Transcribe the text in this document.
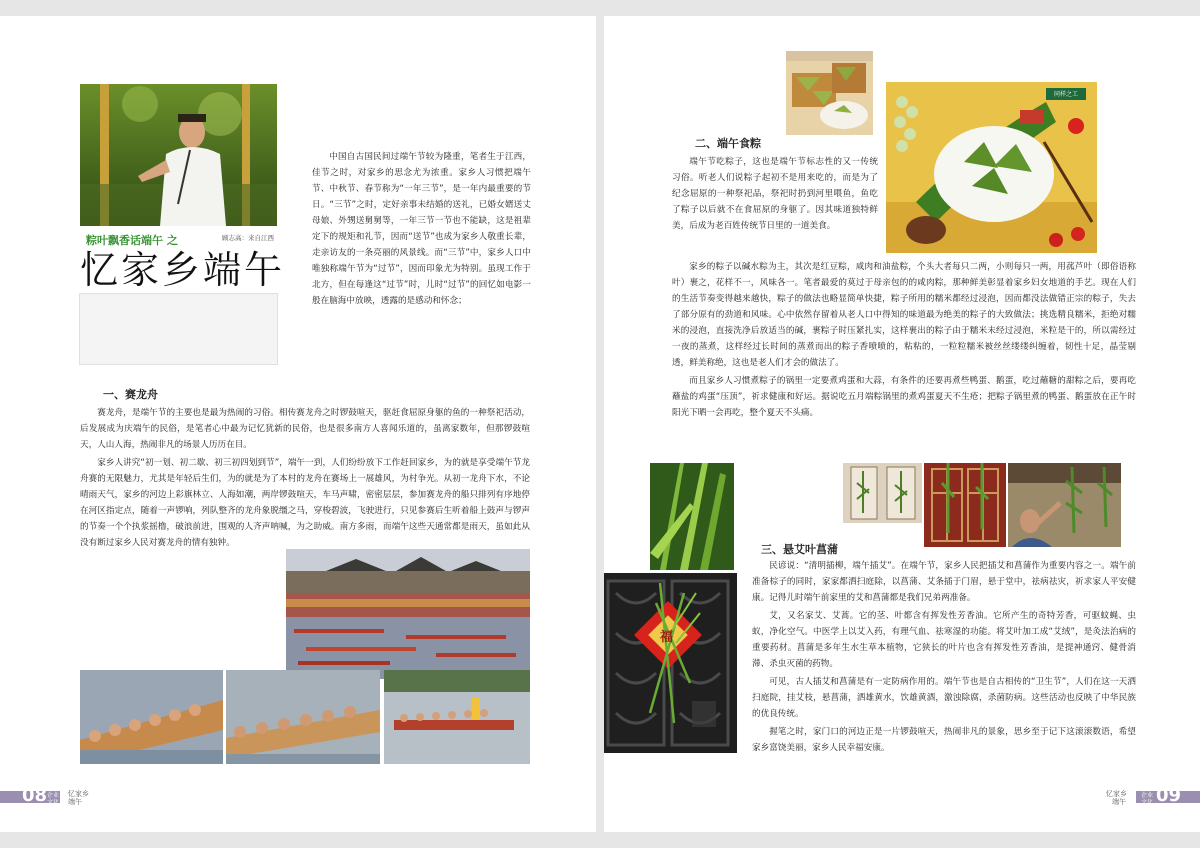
顾志高：来自江西
粽叶飘香话端午 之
忆家乡端午

中国自古国民间过端午节较为隆重，笔者生于江西，佳节之时，对家乡的思念尤为浓重。家乡人习惯把端午节、中秋节、春节称为“一年三节”，是一年内最重要的节日。“三节”之时，定好亲事未结婚的送礼，已婚女婿送丈母娘、外甥送舅舅等，一年三节一节也不能缺，这是祖辈定下的规矩和礼节，因而“送节”也成为家乡人敬重长辈，走亲访友的一条亮丽的风景线。而“三节”中，家乡人口中唯独称端午节为“过节”，因而印象尤为特别。虽现工作于北方，但在每逢这“过节”时，儿时“过节”的回忆如电影一般在脑海中放映，透露的是感动和怀念；

一、赛龙舟

赛龙舟，是端午节的主要也是最为热闹的习俗。相传赛龙舟之时锣鼓喧天，驱赶食屈原身躯的鱼的一种祭祀活动，后发展成为庆端午的民俗，是笔者心中最为记忆犹新的民俗，也是很多南方人喜闻乐道的，虽离家数年，但那锣鼓喧天，人山人海，热闹非凡的场景人历历在目。

家乡人讲究“初一划、初二歇、初三初四划到节”，端午一到，人们纷纷放下工作赶回家乡，为的就是享受端午节龙舟赛的无限魅力，尤其是年轻后生们，为的就是为了本村的龙舟在赛场上一展雄风，为村争光。从初一龙舟下水，不论晴雨天气，家乡的河边上彩旗林立、人海如潮，两岸锣鼓喧天，车马声啸，密密层层，参加赛龙舟的船只排列有序地停在河区指定点，随着一声锣响，列队整齐的龙舟象脱缰之马，穿梭碧波，飞驶进行，只见参赛后生听着船上鼓声与锣声的节奏一个个执浆摇橹，破浪前进，围观的人齐声呐喊，为之助威。南方多雨，而端午这些天通常都是雨天，虽如此从没有断过家乡人民对赛龙舟的情有独钟。

08 企业
文化
忆家乡
端午
同样之工
二、端午食粽

端午节吃粽子，这也是端午节标志性的又一传统习俗。听老人们说粽子起初不是用来吃的，而是为了纪念屈原的一种祭祀品，祭祀时扔到河里喂鱼，鱼吃了粽子以后就不在食屈原的身躯了。因其味道独特鲜美，后成为老百姓传统节日里的一道美食。

家乡的粽子以碱水粽为主，其次是红豆粽，咸肉和油盐粽，个头大者每只二两，小则每只一两，用菰芦叶（即俗语称叶）裹之，花样不一，风味各一。笔者最爱的莫过于母亲包的的咸肉粽，那种鲜美彰显着家乡妇女地道的手艺。现在人们的生活节奏变得越来越快，粽子的做法也略显简单快捷，粽子所用的糯米都经过浸泡，因而都没法做错正宗的粽子，失去了部分原有的劲道和风味。心中依然存留着从老人口中得知的味道最为绝美的粽子的大致做法；挑选精良糯米，拒绝对糯米的浸泡，直接洗净后放适当的碱，裹粽子时压紧扎实，这样裹出的粽子由于糯米未经过浸泡，米粒是干的，所以需经过一夜的蒸煮，这样经过长时间的蒸煮而出的粽子香喷喷的，粘粘的，一粒粒糯米被丝丝缕缕纠缠着，韧性十足，晶莹剔透，鲜美称绝，这也是老人们才会的做法了。

而且家乡人习惯煮粽子的锅里一定要煮鸡蛋和大蒜，有条件的还要再煮些鸭蛋、鹅蛋，吃过蘸糖的甜粽之后，要再吃蘸盐的鸡蛋“压顶”，祈求健康和好运。据说吃五月端粽锅里的煮鸡蛋夏天不生疮；把粽子锅里煮的鸭蛋、鹅蛋放在正午时阳光下晒一会再吃，整个夏天不头痛。

福
三、悬艾叶菖蒲

民谚说：“清明插柳，端午插艾”。在端午节，家乡人民把插艾和菖蒲作为重要内容之一。端午前准备棕子的同时，家家都洒扫庭除，以菖蒲、艾条插于门眉，悬于堂中，祛病祛灾，祈求家人平安健康。记得儿时端午前家里的艾和菖蒲都是我们兄弟两准备。

艾，又名家艾、艾蒿。它的茎、叶都含有挥发性芳香油。它所产生的奇特芳香，可驱蚊蝇、虫蚁，净化空气。中医学上以艾入药，有理气血、祛寒湿的功能。将艾叶加工成“艾绒”，是灸法治病的重要药材。菖蒲是多年生水生草本植物，它狭长的叶片也含有挥发性芳香油，是提神通窍、健骨消滞、杀虫灭菌的药物。

可见，古人插艾和菖蒲是有一定防病作用的。端午节也是自古相传的“卫生节”，人们在这一天洒扫庭院，挂艾枝，悬菖蒲，洒雄黄水，饮雄黄酒，激浊除腐，杀菌防病。这些活动也反映了中华民族的优良传统。

握笔之时，家门口的河边正是一片锣鼓喧天，热闹非凡的景象，思乡至于记下这滚滚数语，希望家乡富饶美丽，家乡人民幸福安康。

忆家乡
端午
企业
文化 09
